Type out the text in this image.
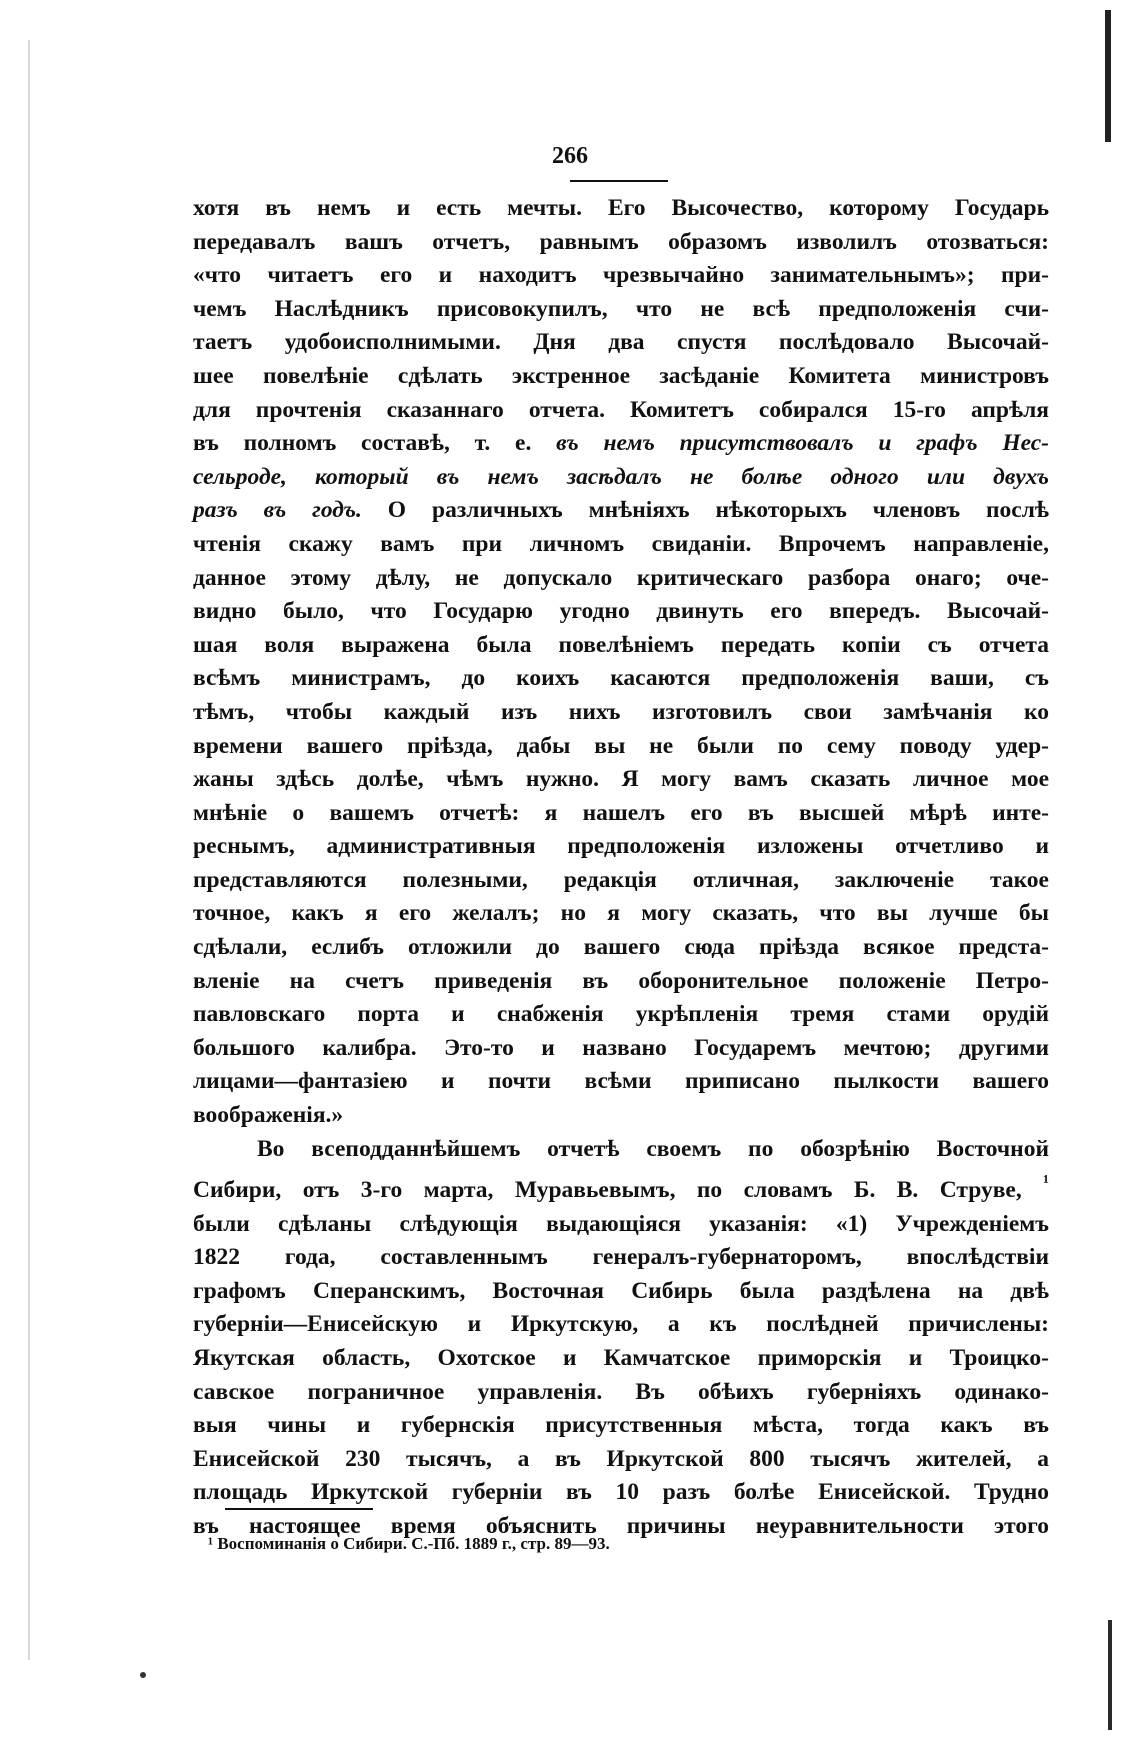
266
хотя въ немъ и есть мечты. Его Высочество, которому Государь
передавалъ вашъ отчетъ, равнымъ образомъ изволилъ отозваться:
«что читаетъ его и находитъ чрезвычайно занимательнымъ»; при-
чемъ Наслѣдникъ присовокупилъ, что не всѣ предположенія счи-
таетъ удобоисполнимыми. Дня два спустя послѣдовало Высочай-
шее повелѣніе сдѣлать экстренное засѣданіе Комитета министровъ
для прочтенія сказаннаго отчета. Комитетъ собирался 15-го апрѣля
въ полномъ составѣ, т. е. въ немъ присутствовалъ и графъ Нес-
сельроде, который въ немъ засѣдалъ не болѣе одного или двухъ
разъ въ годъ. О различныхъ мнѣніяхъ нѣкоторыхъ членовъ послѣ
чтенія скажу вамъ при личномъ свиданіи. Впрочемъ направленіе,
данное этому дѣлу, не допускало критическаго разбора онаго; оче-
видно было, что Государю угодно двинуть его впередъ. Высочай-
шая воля выражена была повелѣніемъ передать копіи съ отчета
всѣмъ министрамъ, до коихъ касаются предположенія ваши, съ
тѣмъ, чтобы каждый изъ нихъ изготовилъ свои замѣчанія ко
времени вашего пріѣзда, дабы вы не были по сему поводу удер-
жаны здѣсь долѣе, чѣмъ нужно. Я могу вамъ сказать личное мое
мнѣніе о вашемъ отчетѣ: я нашелъ его въ высшей мѣрѣ инте-
реснымъ, административныя предположенія изложены отчетливо и
представляются полезными, редакція отличная, заключеніе такое
точное, какъ я его желалъ; но я могу сказать, что вы лучше бы
сдѣлали, еслибъ отложили до вашего сюда пріѣзда всякое предста-
вленіе на счетъ приведенія въ оборонительное положеніе Петро-
павловскаго порта и снабженія укрѣпленія тремя стами орудій
большого калибра. Это-то и названо Государемъ мечтою; другими
лицами—фантазіею и почти всѣми приписано пылкости вашего
воображенія.»
Во всеподданнѣйшемъ отчетѣ своемъ по обозрѣнію Восточной
Сибири, отъ 3-го марта, Муравьевымъ, по словамъ Б. В. Струве, $^{^1}$
были сдѣланы слѣдующія выдающіяся указанія: «1) Учрежденіемъ
1822 года, составленнымъ генералъ-губернаторомъ, впослѣдствіи
графомъ Сперанскимъ, Восточная Сибирь была раздѣлена на двѣ
губерніи—Енисейскую и Иркутскую, а къ послѣдней причислены:
Якутская область, Охотское и Камчатское приморскія и Троицко-
савское пограничное управленія. Въ обѣихъ губерніяхъ одинако-
выя чины и губернскія присутственныя мѣста, тогда какъ въ
Енисейской 230 тысячъ, а въ Иркутской 800 тысячъ жителей, а
площадь Иркутской губерніи въ 10 разъ болѣе Енисейской. Трудно
въ настоящее время объяснить причины неуравнительности этого
¹ Воспоминанія о Сибири. С.-Пб. 1889 г., стр. 89—93.
